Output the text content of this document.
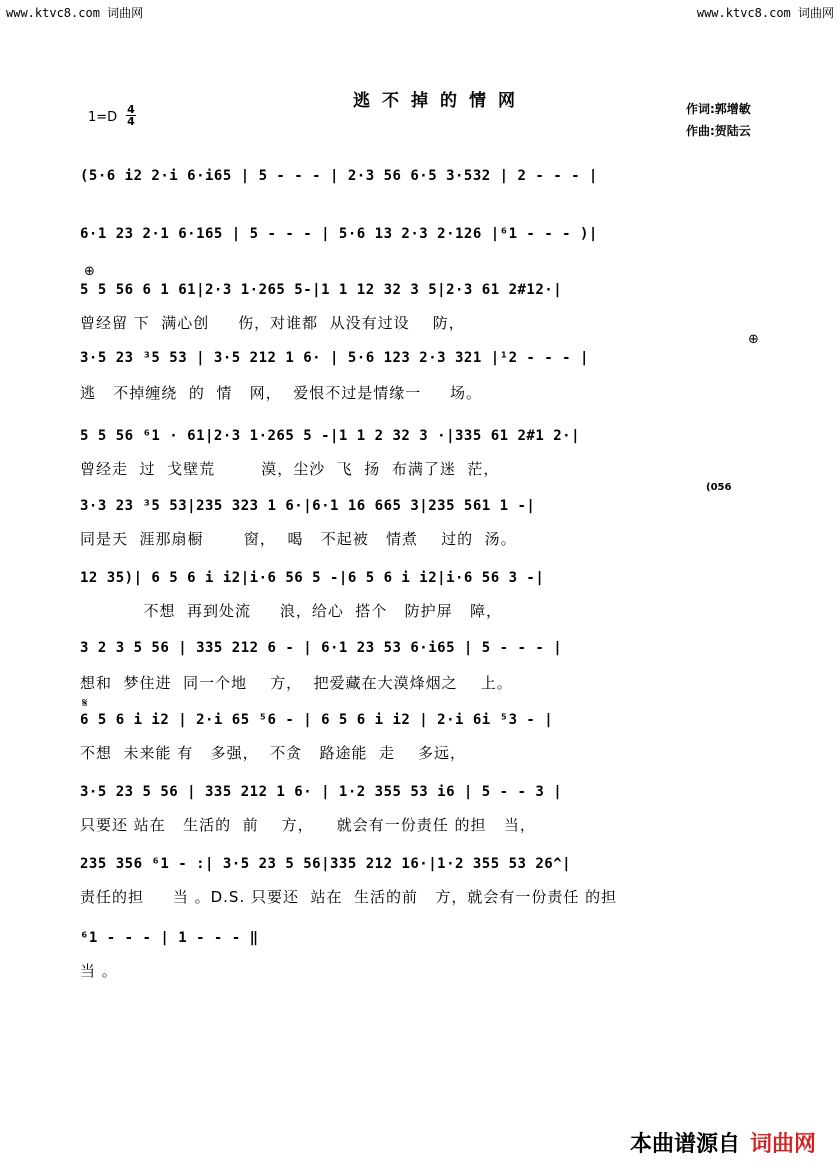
www.ktvc8.com 词曲网	www.ktvc8.com 词曲网
逃不掉的情网
1=D
4
4
作词:郭增敏
作曲:贺陆云
(5·6 i2 2·i 6·i65 | 5 - - - | 2·3 56 6·5 3·532 | 2 - - - |
6·1 23 2·1 6·165 | 5 - - - | 5·6 13 2·3 2·126 |⁶1 - - - )|
⊕
5 5 56 6 1 61|2·3 1·265 5-|1 1 12 32 3 5|2·3 61 2#12·|
曾经留 下  满心创     伤，对谁都  从没有过设    防，
⊕
3·5 23 ³5 53 | 3·5 212 1 6· | 5·6 123 2·3 321 |¹2 - - - |
逃   不掉缠绕  的  情   网，  爱恨不过是情缘一     场。
5 5 56 ⁶1 · 61|2·3 1·265 5 -|1 1 2 32 3 ·|335 61 2#1 2·|
曾经走  过  戈壁荒        漠，尘沙  飞  扬  布满了迷  茫，
(056
3·3 23 ³5 53|235 323 1 6·|6·1 16 665 3|235 561 1 -|
同是天  涯那扇橱       窗，  喝   不起被   情煮    过的  汤。
12 35)| 6 5 6 i i2|i·6 56 5 -|6 5 6 i i2|i·6 56 3 -|
不想  再到处流     浪，给心  搭个   防护屏   障，
3 2 3 5 56 | 335 212 6 - | 6·1 23 53 6·i65 | 5 - - - |
想和  梦住进  同一个地    方，  把爱藏在大漠烽烟之    上。
𝄋
6 5 6 i i2 | 2·i 65 ⁵6 - | 6 5 6 i i2 | 2·i 6i ⁵3 - |
不想  未来能 有   多强，  不贪   路途能  走    多远，
3·5 23 5 56 | 335 212 1 6· | 1·2 355 53 i6 | 5 - - 3 |
只要还 站在   生活的  前    方，    就会有一份责任 的担   当，
235 356 ⁶1 - :| 3·5 23 5 56|335 212 16·|1·2 355 53 26^|
责任的担     当 。D.S. 只要还  站在  生活的前   方，就会有一份责任 的担
⁶1 - - - | 1 - - - ‖
当 。
本曲谱源自 词曲网
